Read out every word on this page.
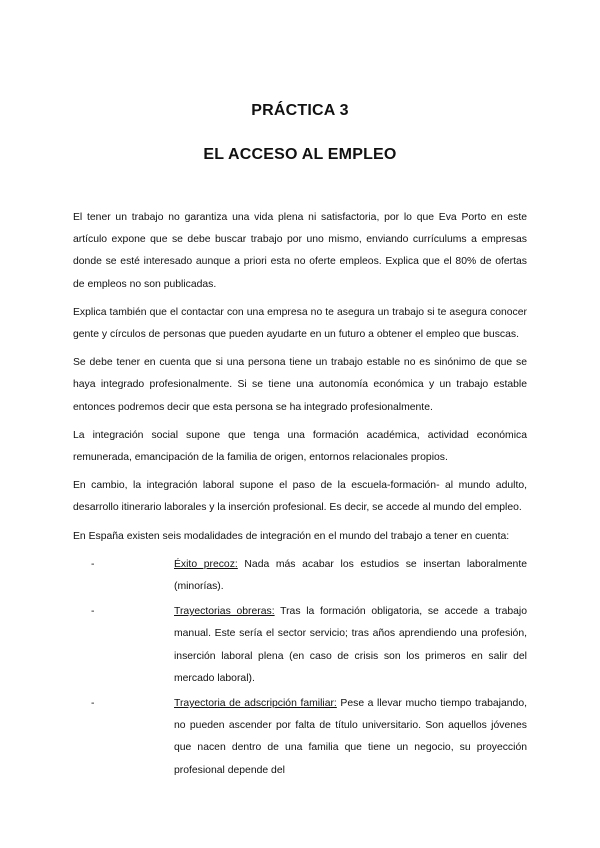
PRÁCTICA 3
EL ACCESO AL EMPLEO

El tener un trabajo no garantiza una vida plena ni satisfactoria, por lo que Eva Porto en este artículo expone que se debe buscar trabajo por uno mismo, enviando currículums a empresas donde se esté interesado aunque a priori esta no oferte empleos. Explica que el 80% de ofertas de empleos no son publicadas.

Explica también que el contactar con una empresa no te asegura un trabajo si te asegura conocer gente y círculos de personas que pueden ayudarte en un futuro a obtener el empleo que buscas.

Se debe tener en cuenta que si una persona tiene un trabajo estable no es sinónimo de que se haya integrado profesionalmente. Si se tiene una autonomía económica y un trabajo estable entonces podremos decir que esta persona se ha integrado profesionalmente.

La integración social supone que tenga una formación académica, actividad económica remunerada, emancipación de la familia de origen, entornos relacionales propios.

En cambio, la integración laboral supone el paso de la escuela-formación- al mundo adulto, desarrollo itinerario laborales y la inserción profesional. Es decir, se accede al mundo del empleo.

En España existen seis modalidades de integración en el mundo del trabajo a tener en cuenta:

-	Éxito precoz: Nada más acabar los estudios se insertan laboralmente (minorías).
-	Trayectorias obreras: Tras la formación obligatoria, se accede a trabajo manual. Este sería el sector servicio; tras años aprendiendo una profesión, inserción laboral plena (en caso de crisis son los primeros en salir del mercado laboral).
-	Trayectoria de adscripción familiar: Pese a llevar mucho tiempo trabajando, no pueden ascender por falta de título universitario. Son aquellos jóvenes que nacen dentro de una familia que tiene un negocio, su proyección profesional depende del
